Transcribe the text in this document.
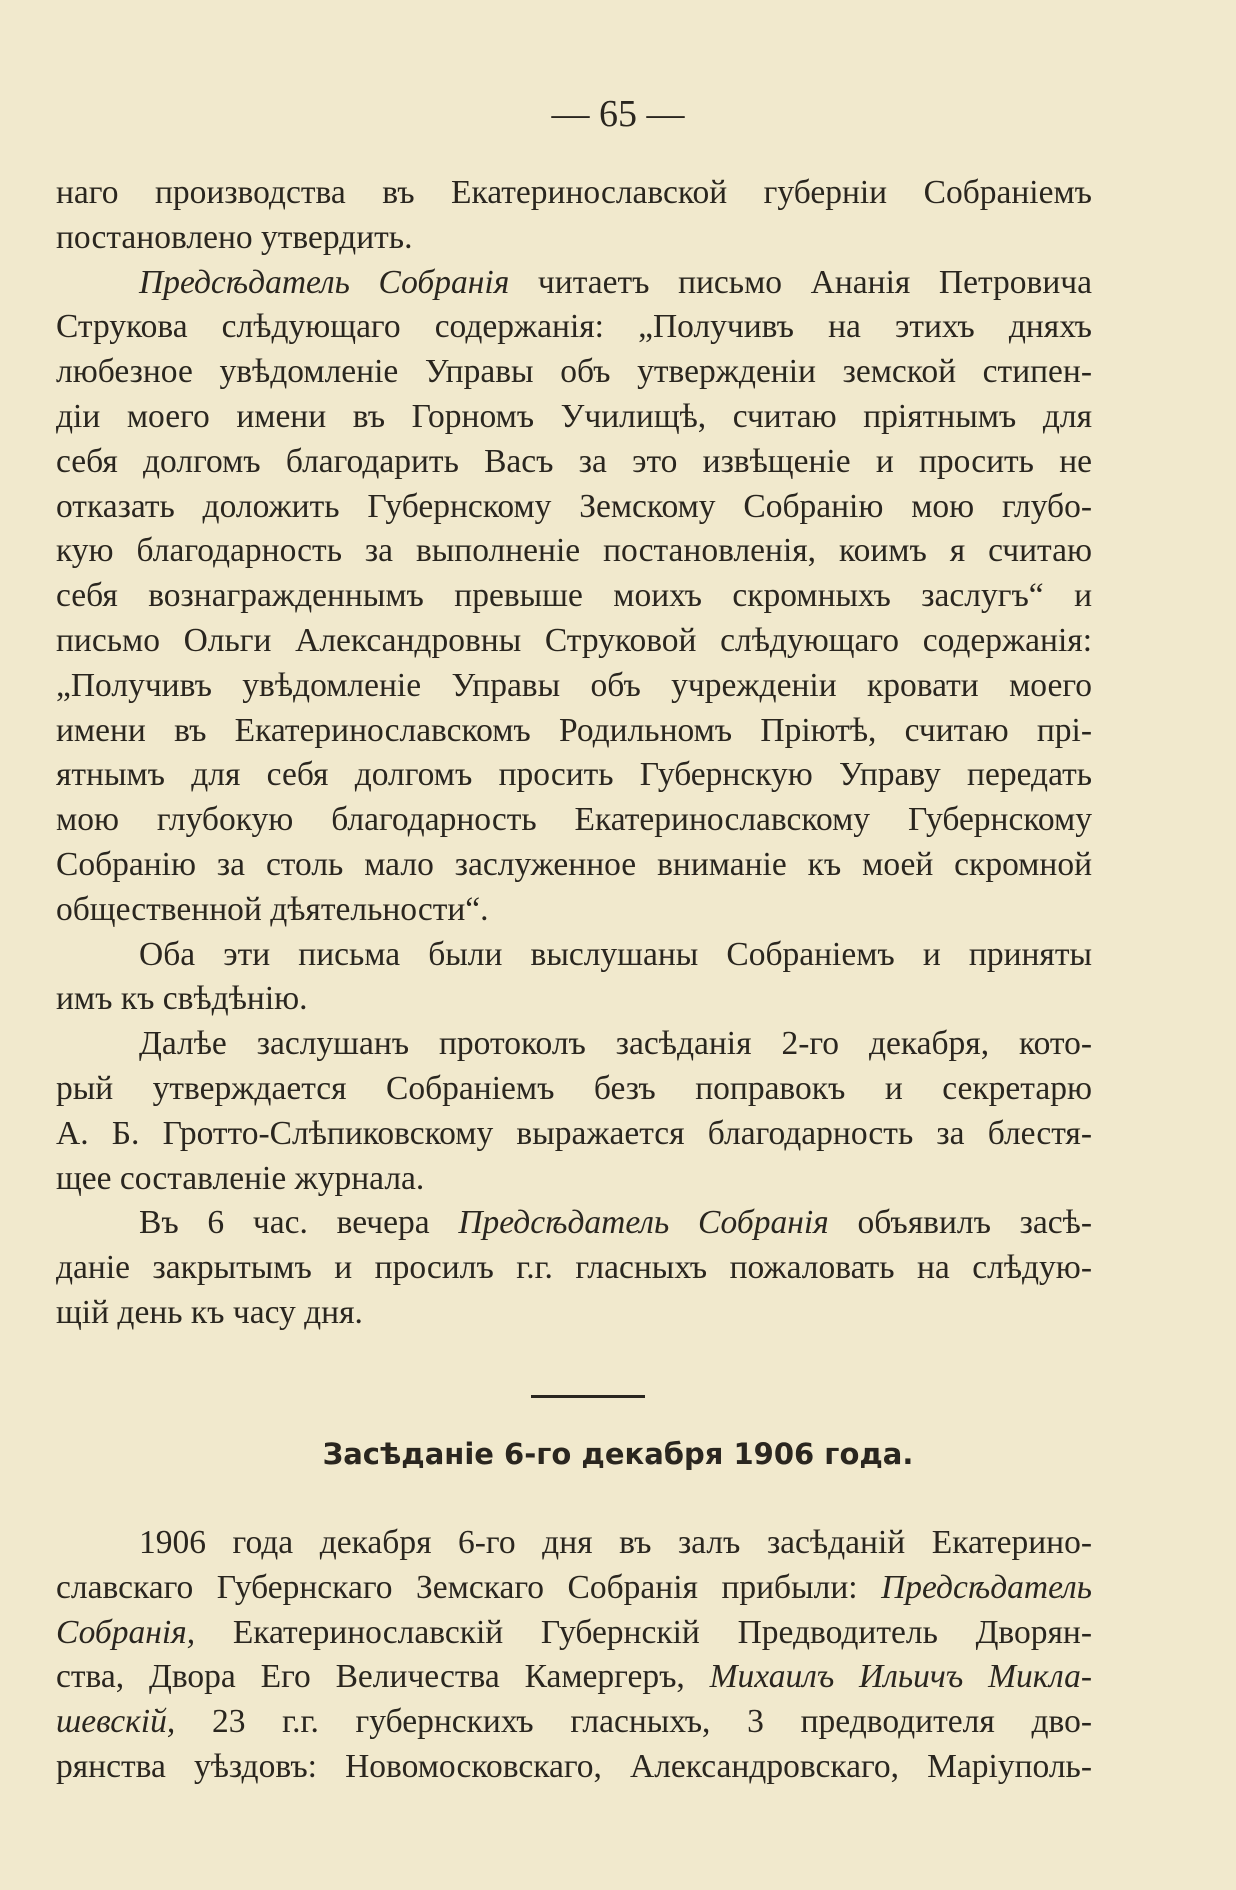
— 65 —
наго производства въ Екатеринославской губерніи Собраніемъ
постановлено утвердить.
Предсѣдатель Собранія читаетъ письмо Ананія Петровича
Струкова слѣдующаго содержанія: „Получивъ на этихъ дняхъ
любезное увѣдомленіе Управы объ утвержденіи земской стипен-
діи моего имени въ Горномъ Училищѣ, считаю пріятнымъ для
себя долгомъ благодарить Васъ за это извѣщеніе и просить не
отказать доложить Губернскому Земскому Собранію мою глубо-
кую благодарность за выполненіе постановленія, коимъ я считаю
себя вознагражденнымъ превыше моихъ скромныхъ заслугъ“ и
письмо Ольги Александровны Струковой слѣдующаго содержанія:
„Получивъ увѣдомленіе Управы объ учрежденіи кровати моего
имени въ Екатеринославскомъ Родильномъ Пріютѣ, считаю пpі-
ятнымъ для себя долгомъ просить Губернскую Управу передать
мою глубокую благодарность Екатеринославскому Губернскому
Собранію за столь мало заслуженное вниманіе къ моей скромной
общественной дѣятельности“.
Оба эти письма были выслушаны Собраніемъ и приняты
имъ къ свѣдѣнію.
Далѣе заслушанъ протоколъ засѣданія 2-го декабря, кото-
рый утверждается Собраніемъ безъ поправокъ и секретарю
А. Б. Гротто-Слѣпиковскому выражается благодарность за блестя-
щее составленіе журнала.
Въ 6 час. вечера Предсѣдатель Собранія объявилъ засѣ-
даніе закрытымъ и просилъ г.г. гласныхъ пожаловать на слѣдую-
щій день къ часу дня.
Засѣданіе 6-го декабря 1906 года.
1906 года декабря 6-го дня въ залъ засѣданій Екатерино-
славскаго Губернскаго Земскаго Собранія прибыли: Предсѣдатель
Собранія, Екатеринославскій Губернскій Предводитель Дворян-
ства, Двора Его Величества Камергеръ, Михаилъ Ильичъ Микла-
шевскій, 23 г.г. губернскихъ гласныхъ, 3 предводителя дво-
рянства уѣздовъ: Новомосковскаго, Александровскаго, Маріуполь-
